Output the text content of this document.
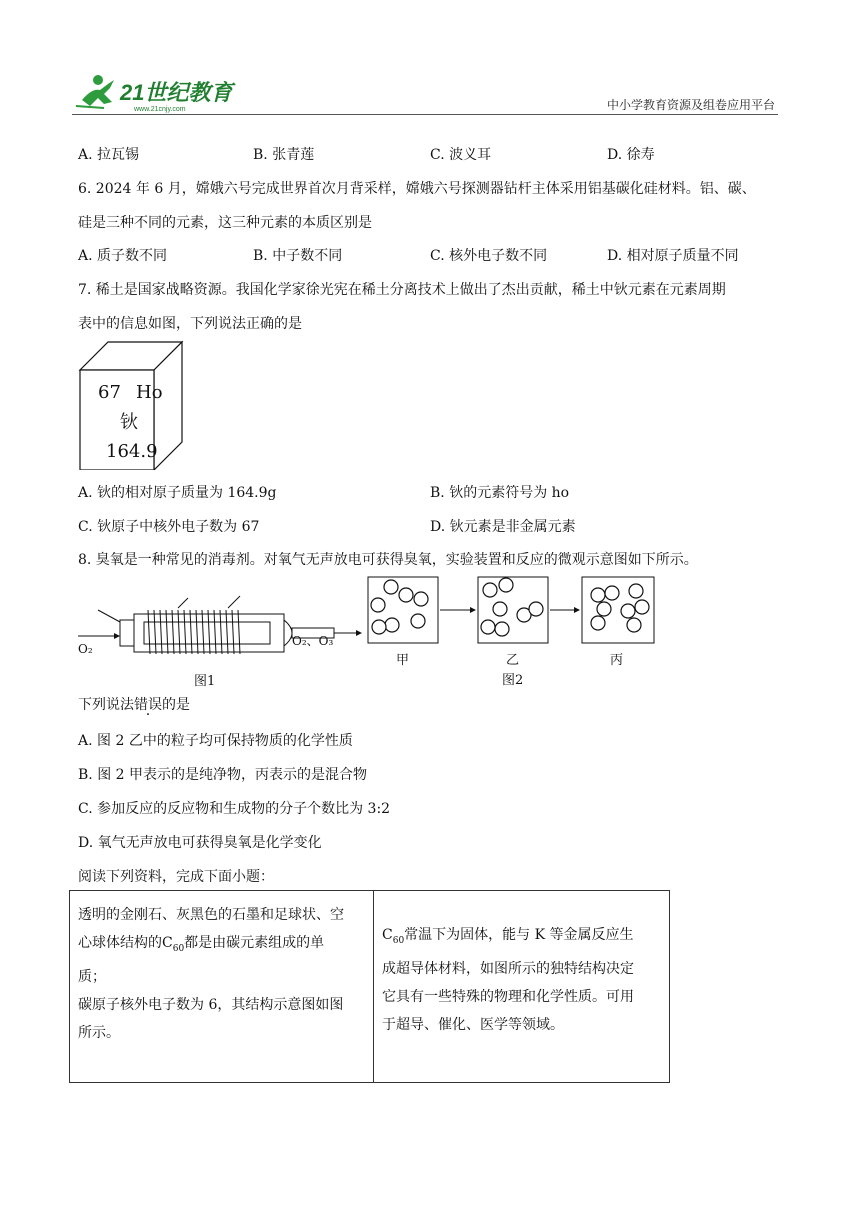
21世纪教育
www.21cnjy.com	中小学教育资源及组卷应用平台
A. 拉瓦锡	B. 张青莲	C. 波义耳	D. 徐寿
6. 2024 年 6 月，嫦娥六号完成世界首次月背采样，嫦娥六号探测器钻杆主体采用铝基碳化硅材料。铝、碳、
硅是三种不同的元素，这三种元素的本质区别是
A. 质子数不同	B. 中子数不同	C. 核外电子数不同	D. 相对原子质量不同
7. 稀土是国家战略资源。我国化学家徐光宪在稀土分离技术上做出了杰出贡献，稀土中钬元素在元素周期
表中的信息如图，下列说法正确的是
67 Ho
钬
164.9
A. 钬的相对原子质量为 164.9g	B. 钬的元素符号为 ho
C. 钬原子中核外电子数为 67	D. 钬元素是非金属元素
8. 臭氧是一种常见的消毒剂。对氧气无声放电可获得臭氧，实验装置和反应的微观示意图如下所示。
O₂
O₂、O₃
图1
甲	乙	丙
图2
下列说法错误的是
A. 图 2 乙中的粒子均可保持物质的化学性质
B. 图 2 甲表示的是纯净物，丙表示的是混合物
C. 参加反应的反应物和生成物的分子个数比为 3:2
D. 氧气无声放电可获得臭氧是化学变化
阅读下列资料，完成下面小题：
透明的金刚石、灰黑色的石墨和足球状、空
心球体结构的$C_{60}$都是由碳元素组成的单
质；
碳原子核外电子数为 6，其结构示意图如图
所示。

$C_{60}$常温下为固体，能与 K 等金属反应生
成超导体材料，如图所示的独特结构决定
它具有一些特殊的物理和化学性质。可用
于超导、催化、医学等领域。
